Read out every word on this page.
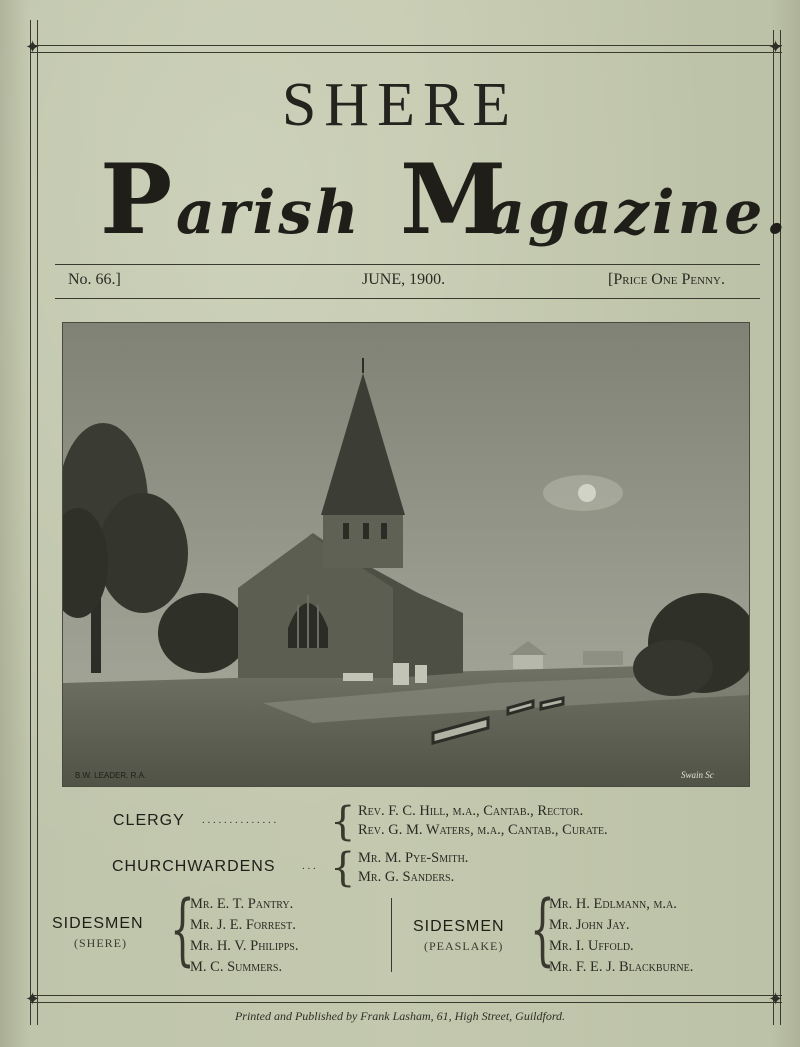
✦	✦
✦	✦
SHERE
P arish M
agazine.
No. 66.]	JUNE, 1900.	[Price One Penny.
B.W. LEADER. R.A.	Swain Sc
CLERGY . . . . . . . . . . . . . . { Rev. F. C. Hill, m.a., Cantab., Rector.
Rev. G. M. Waters, m.a., Cantab., Curate.
CHURCHWARDENS . . . { Mr. M. Pye-Smith.
Mr. G. Sanders.
SIDESMEN
(SHERE) {
Mr. E. T. Pantry.
Mr. J. E. Forrest.
Mr. H. V. Philipps.
M. C. Summers.
SIDESMEN
(PEASLAKE) {
Mr. H. Edlmann, m.a.
Mr. John Jay.
Mr. I. Uffold.
Mr. F. E. J. Blackburne.
Printed and Published by Frank Lasham, 61, High Street, Guildford.
